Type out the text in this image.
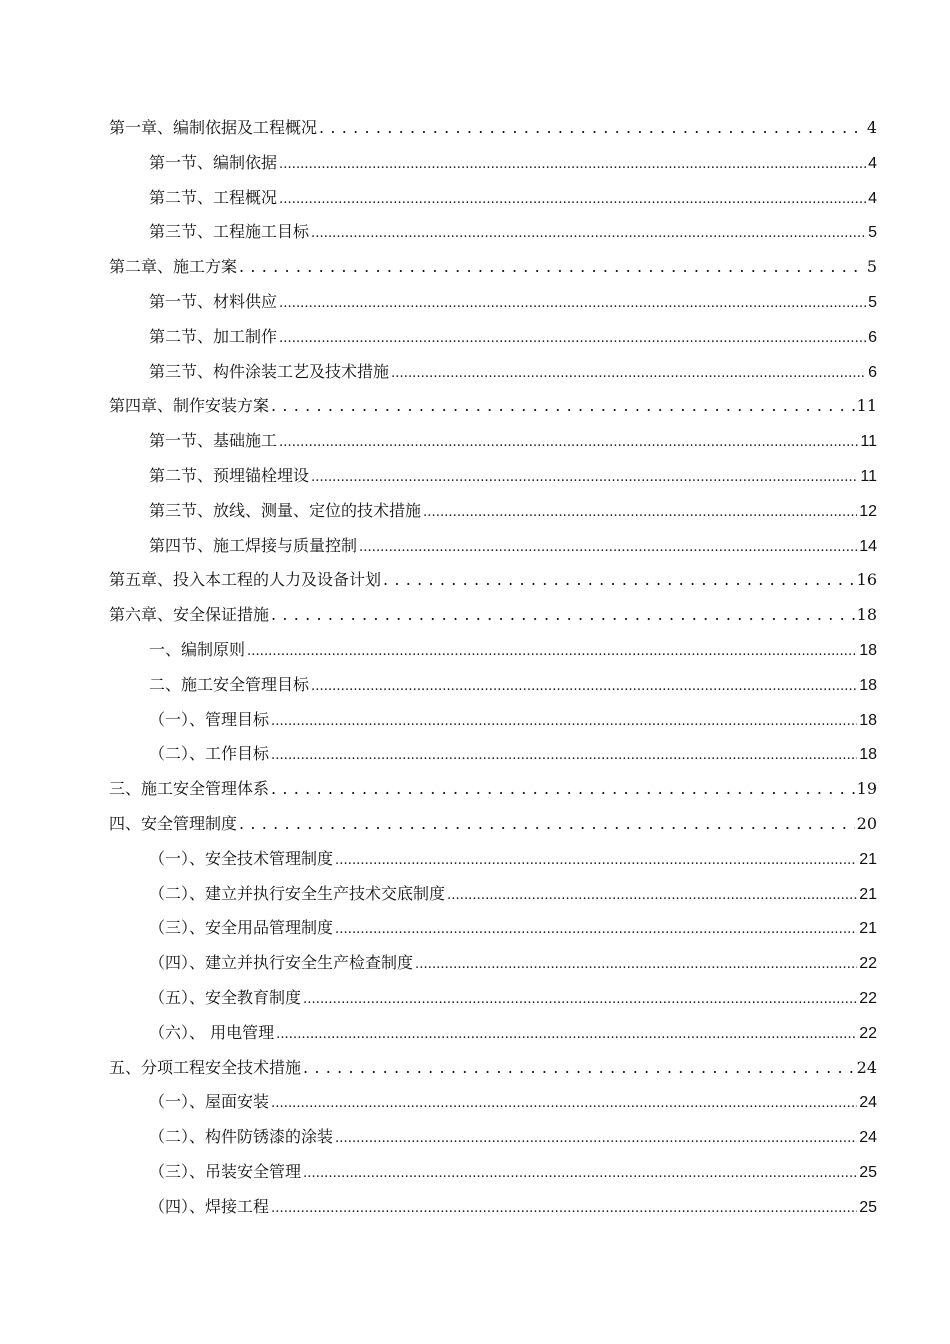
第一章、编制依据及工程概况 . . .	4
第一节、编制依据 .....	4
第二节、工程概况 .....	4
第三节、工程施工目标 .....	5
第二章、施工方案 . . .	5
第一节、材料供应 .....	5
第二节、加工制作 .....	6
第三节、构件涂装工艺及技术措施 .....	6
第四章、制作安装方案 . . .	11
第一节、基础施工 .....	11
第二节、预埋锚栓埋设 .....	11
第三节、放线、测量、定位的技术措施 .....	12
第四节、施工焊接与质量控制 .....	14
第五章、投入本工程的人力及设备计划 . . .	16
第六章、安全保证措施 . . .	18
一、编制原则 .....	18
二、施工安全管理目标 .....	18
（一）、管理目标 .....	18
（二）、工作目标 .....	18
三、施工安全管理体系 . . .	19
四、安全管理制度 . . .	20
（一）、安全技术管理制度 .....	21
（二）、建立并执行安全生产技术交底制度 .....	21
（三）、安全用品管理制度 .....	21
（四）、建立并执行安全生产检查制度 .....	22
（五）、安全教育制度 .....	22
（六）、 用电管理 .....	22
五、分项工程安全技术措施 . . .	24
（一）、屋面安装 .....	24
（二）、构件防锈漆的涂装 .....	24
（三）、吊装安全管理 .....	25
（四）、焊接工程 .....	25
